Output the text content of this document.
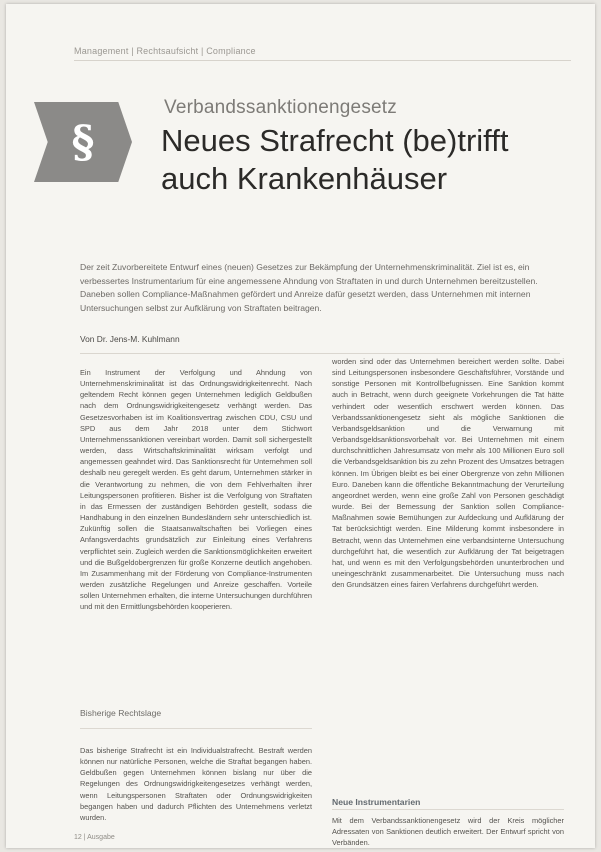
Management | Rechtsaufsicht | Compliance
§
Verbandssanktionengesetz
Neues Strafrecht (be)trifft
auch Krankenhäuser

Der zeit Zuvorbereitete Entwurf eines (neuen) Gesetzes zur Bekämpfung der Unternehmenskriminalität. Ziel ist es, ein verbessertes Instrumentarium für eine angemessene Ahndung von Straftaten in und durch Unternehmen bereitzustellen. Daneben sollen Compliance-Maßnahmen gefördert und Anreize dafür gesetzt werden, dass Unternehmen mit internen Untersuchungen selbst zur Aufklärung von Straftaten beitragen.

Von Dr. Jens-M. Kuhlmann

Ein Instrument der Verfolgung und Ahndung von Unternehmenskriminalität ist das Ordnungswidrigkeitenrecht. Nach geltendem Recht können gegen Unternehmen lediglich Geldbußen nach dem Ordnungswidrigkeitengesetz verhängt werden. Das Gesetzesvorhaben ist im Koalitionsvertrag zwischen CDU, CSU und SPD aus dem Jahr 2018 unter dem Stichwort Unternehmenssanktionen vereinbart worden. Damit soll sichergestellt werden, dass Wirtschaftskriminalität wirksam verfolgt und angemessen geahndet wird. Das Sanktionsrecht für Unternehmen soll deshalb neu geregelt werden. Es geht darum, Unternehmen stärker in die Verantwortung zu nehmen, die von dem Fehlverhalten ihrer Leitungspersonen profitieren. Bisher ist die Verfolgung von Straftaten in das Ermessen der zuständigen Behörden gestellt, sodass die Handhabung in den einzelnen Bundesländern sehr unterschiedlich ist. Zukünftig sollen die Staatsanwaltschaften bei Vorliegen eines Anfangsverdachts grundsätzlich zur Einleitung eines Verfahrens verpflichtet sein. Zugleich werden die Sanktionsmöglichkeiten erweitert und die Bußgeldobergrenzen für große Konzerne deutlich angehoben. Im Zusammenhang mit der Förderung von Compliance-Instrumenten werden zusätzliche Regelungen und Anreize geschaffen. Vorteile sollen Unternehmen erhalten, die interne Untersuchungen durchführen und mit den Ermittlungsbehörden kooperieren.

Bisherige Rechtslage

Das bisherige Strafrecht ist ein Individualstrafrecht. Bestraft werden können nur natürliche Personen, welche die Straftat begangen haben. Geldbußen gegen Unternehmen können bislang nur über die Regelungen des Ordnungswidrigkeitengesetzes verhängt werden, wenn Leitungspersonen Straftaten oder Ordnungswidrigkeiten begangen haben und dadurch Pflichten des Unternehmens verletzt wurden.

worden sind oder das Unternehmen bereichert werden sollte. Dabei sind Leitungspersonen insbesondere Geschäftsführer, Vorstände und sonstige Personen mit Kontrollbefugnissen. Eine Sanktion kommt auch in Betracht, wenn durch geeignete Vorkehrungen die Tat hätte verhindert oder wesentlich erschwert werden können. Das Verbandssanktionengesetz sieht als mögliche Sanktionen die Verbandsgeldsanktion und die Verwarnung mit Verbandsgeldsanktionsvorbehalt vor. Bei Unternehmen mit einem durchschnittlichen Jahresumsatz von mehr als 100 Millionen Euro soll die Verbandsgeldsanktion bis zu zehn Prozent des Umsatzes betragen können. Im Übrigen bleibt es bei einer Obergrenze von zehn Millionen Euro. Daneben kann die öffentliche Bekanntmachung der Verurteilung angeordnet werden, wenn eine große Zahl von Personen geschädigt wurde. Bei der Bemessung der Sanktion sollen Compliance-Maßnahmen sowie Bemühungen zur Aufdeckung und Aufklärung der Tat berücksichtigt werden. Eine Milderung kommt insbesondere in Betracht, wenn das Unternehmen eine verbandsinterne Untersuchung durchgeführt hat, die wesentlich zur Aufklärung der Tat beigetragen hat, und wenn es mit den Verfolgungsbehörden ununterbrochen und uneingeschränkt zusammenarbeitet. Die Untersuchung muss nach den Grundsätzen eines fairen Verfahrens durchgeführt werden.

Neue Instrumentarien

Mit dem Verbandssanktionengesetz wird der Kreis möglicher Adressaten von Sanktionen deutlich erweitert. Der Entwurf spricht von Verbänden.

12 | Ausgabe
